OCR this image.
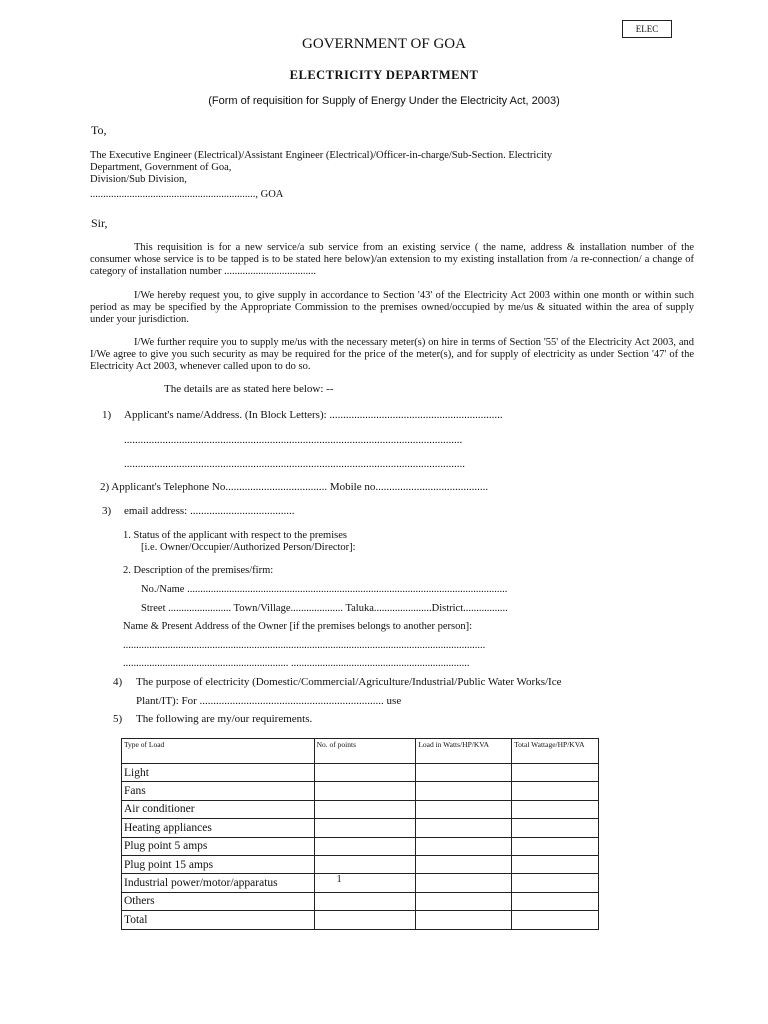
ELEC
GOVERNMENT OF GOA
ELECTRICITY DEPARTMENT
(Form of requisition for Supply of Energy Under the Electricity Act, 2003)
To,
The Executive Engineer (Electrical)/Assistant Engineer (Electrical)/Officer-in-charge/Sub-Section. Electricity
Department, Government of Goa,
Division/Sub Division,
..............................................................., GOA
Sir,
This requisition is for a new service/a sub service from an existing service ( the name, address & installation number of the consumer whose service is to be tapped is to be stated here below)/an extension to my existing installation from /a re-connection/ a change of category of installation number ...................................
I/We hereby request you, to give supply in accordance to Section '43' of the Electricity Act 2003 within one month or within such period as may be specified by the Appropriate Commission to the premises owned/occupied by me/us & situated within the area of supply under your jurisdiction.
I/We further require you to supply me/us with the necessary meter(s) on hire in terms of Section '55' of the Electricity Act 2003, and I/We agree to give you such security as may be required for the price of the meter(s), and for supply of electricity as under Section '47' of the Electricity Act 2003, whenever called upon to do so.
The details are as stated here below: --
1) Applicant's name/Address. (In Block Letters): ...............................................................
...........................................................................................................................
............................................................................................................................
2) Applicant's Telephone No..................................... Mobile no.........................................
3) email address: ......................................
1. Status of the applicant with respect to the premises
[i.e. Owner/Occupier/Authorized Person/Director]:
2. Description of the premises/firm:
No./Name ..........................................................................................................................
Street ........................ Town/Village.................... Taluka......................District.................
Name & Present Address of the Owner [if the premises belongs to another person]:
..........................................................................................................................................
............................................................... ....................................................................
4) The purpose of electricity (Domestic/Commercial/Agriculture/Industrial/Public Water Works/Ice
Plant/IT): For ................................................................... use
5) The following are my/our requirements.
Type of Load	No. of points	Load in Watts/HP/KVA	Total Wattage/HP/KVA
Light			
Fans			
Air conditioner			
Heating appliances			
Plug point 5 amps			
Plug point 15 amps			
Industrial power/motor/apparatus	1		
Others			
Total			
